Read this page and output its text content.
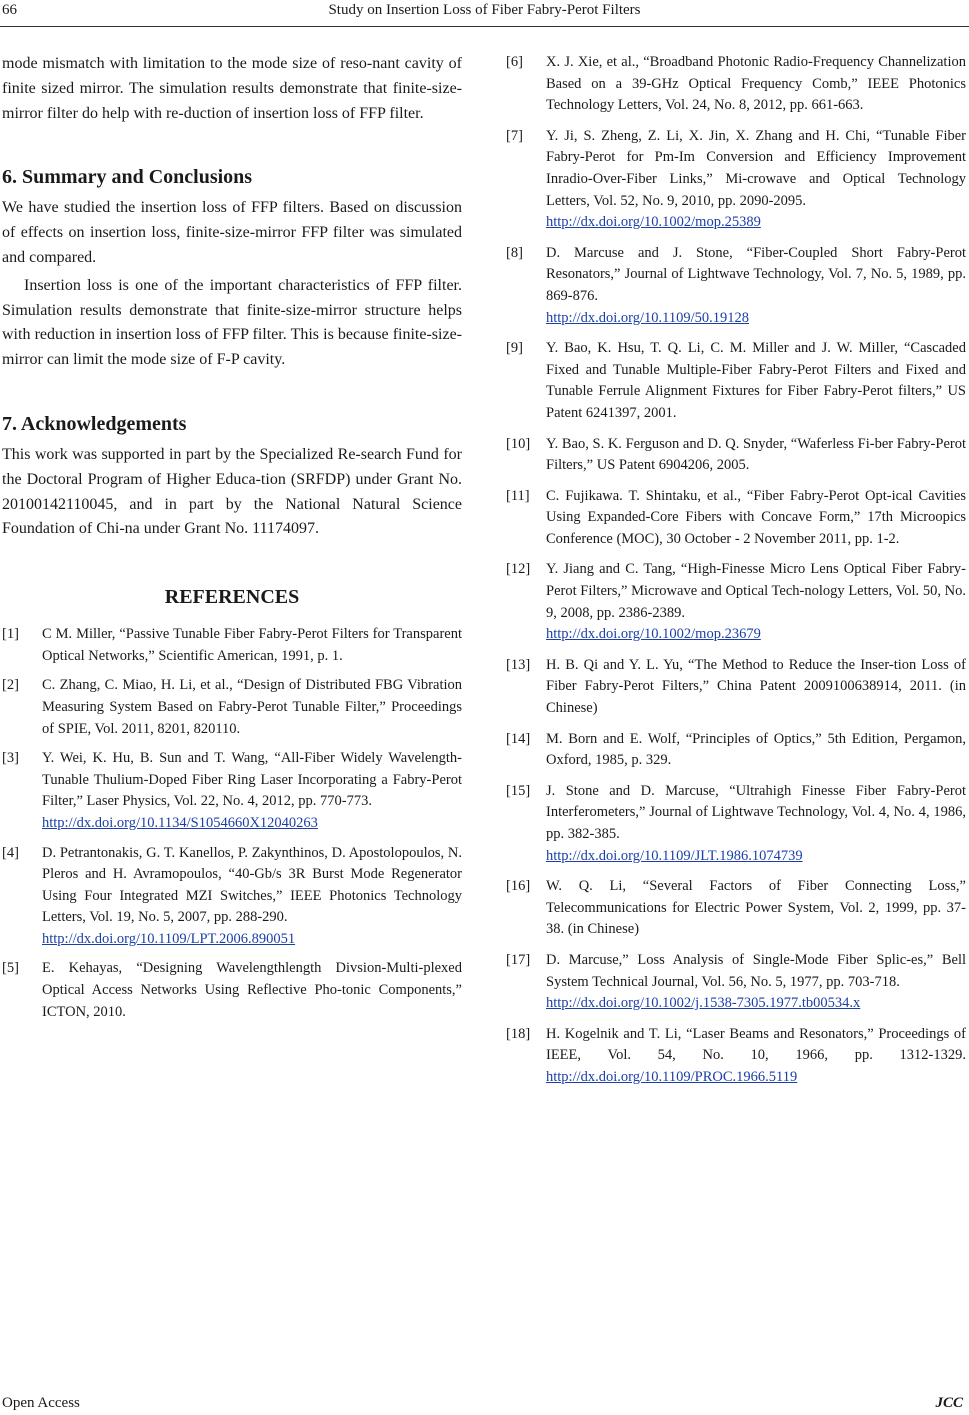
66	Study on Insertion Loss of Fiber Fabry-Perot Filters

mode mismatch with limitation to the mode size of reso-nant cavity of finite sized mirror. The simulation results demonstrate that finite-size-mirror filter do help with re-duction of insertion loss of FFP filter.

6. Summary and Conclusions

We have studied the insertion loss of FFP filters. Based on discussion of effects on insertion loss, finite-size-mirror FFP filter was simulated and compared.

Insertion loss is one of the important characteristics of FFP filter. Simulation results demonstrate that finite-size-mirror structure helps with reduction in insertion loss of FFP filter. This is because finite-size-mirror can limit the mode size of F-P cavity.

7. Acknowledgements

This work was supported in part by the Specialized Re-search Fund for the Doctoral Program of Higher Educa-tion (SRFDP) under Grant No. 20100142110045, and in part by the National Natural Science Foundation of Chi-na under Grant No. 11174097.

REFERENCES
[1] C M. Miller, “Passive Tunable Fiber Fabry-Perot Filters for Transparent Optical Networks,” Scientific American, 1991, p. 1.
[2] C. Zhang, C. Miao, H. Li, et al., “Design of Distributed FBG Vibration Measuring System Based on Fabry-Perot Tunable Filter,” Proceedings of SPIE, Vol. 2011, 8201, 820110.
[3] Y. Wei, K. Hu, B. Sun and T. Wang, “All-Fiber Widely Wavelength-Tunable Thulium-Doped Fiber Ring Laser Incorporating a Fabry-Perot Filter,” Laser Physics, Vol. 22, No. 4, 2012, pp. 770-773.
http://dx.doi.org/10.1134/S1054660X12040263
[4] D. Petrantonakis, G. T. Kanellos, P. Zakynthinos, D. Apostolopoulos, N. Pleros and H. Avramopoulos, “40-Gb/s 3R Burst Mode Regenerator Using Four Integrated MZI Switches,” IEEE Photonics Technology Letters, Vol. 19, No. 5, 2007, pp. 288-290.
http://dx.doi.org/10.1109/LPT.2006.890051
[5] E. Kehayas, “Designing Wavelengthlength Divsion-Multi-plexed Optical Access Networks Using Reflective Pho-tonic Components,” ICTON, 2010.
[6] X. J. Xie, et al., “Broadband Photonic Radio-Frequency Channelization Based on a 39-GHz Optical Frequency Comb,” IEEE Photonics Technology Letters, Vol. 24, No. 8, 2012, pp. 661-663.
[7] Y. Ji, S. Zheng, Z. Li, X. Jin, X. Zhang and H. Chi, “Tunable Fiber Fabry-Perot for Pm-Im Conversion and Efficiency Improvement Inradio-Over-Fiber Links,” Mi-crowave and Optical Technology Letters, Vol. 52, No. 9, 2010, pp. 2090-2095.
http://dx.doi.org/10.1002/mop.25389
[8] D. Marcuse and J. Stone, “Fiber-Coupled Short Fabry-Perot Resonators,” Journal of Lightwave Technology, Vol. 7, No. 5, 1989, pp. 869-876.
http://dx.doi.org/10.1109/50.19128
[9] Y. Bao, K. Hsu, T. Q. Li, C. M. Miller and J. W. Miller, “Cascaded Fixed and Tunable Multiple-Fiber Fabry-Perot Filters and Fixed and Tunable Ferrule Alignment Fixtures for Fiber Fabry-Perot filters,” US Patent 6241397, 2001.
[10] Y. Bao, S. K. Ferguson and D. Q. Snyder, “Waferless Fi-ber Fabry-Perot Filters,” US Patent 6904206, 2005.
[11] C. Fujikawa. T. Shintaku, et al., “Fiber Fabry-Perot Opt-ical Cavities Using Expanded-Core Fibers with Concave Form,” 17th Microopics Conference (MOC), 30 October - 2 November 2011, pp. 1-2.
[12] Y. Jiang and C. Tang, “High-Finesse Micro Lens Optical Fiber Fabry-Perot Filters,” Microwave and Optical Tech-nology Letters, Vol. 50, No. 9, 2008, pp. 2386-2389.
http://dx.doi.org/10.1002/mop.23679
[13] H. B. Qi and Y. L. Yu, “The Method to Reduce the Inser-tion Loss of Fiber Fabry-Perot Filters,” China Patent 2009100638914, 2011. (in Chinese)
[14] M. Born and E. Wolf, “Principles of Optics,” 5th Edition, Pergamon, Oxford, 1985, p. 329.
[15] J. Stone and D. Marcuse, “Ultrahigh Finesse Fiber Fabry-Perot Interferometers,” Journal of Lightwave Technology, Vol. 4, No. 4, 1986, pp. 382-385.
http://dx.doi.org/10.1109/JLT.1986.1074739
[16] W. Q. Li, “Several Factors of Fiber Connecting Loss,” Telecommunications for Electric Power System, Vol. 2, 1999, pp. 37-38. (in Chinese)
[17] D. Marcuse,” Loss Analysis of Single-Mode Fiber Splic-es,” Bell System Technical Journal, Vol. 56, No. 5, 1977, pp. 703-718.
http://dx.doi.org/10.1002/j.1538-7305.1977.tb00534.x
[18] H. Kogelnik and T. Li, “Laser Beams and Resonators,” Proceedings of IEEE, Vol. 54, No. 10, 1966, pp. 1312-1329. http://dx.doi.org/10.1109/PROC.1966.5119
Open Access	JCC
